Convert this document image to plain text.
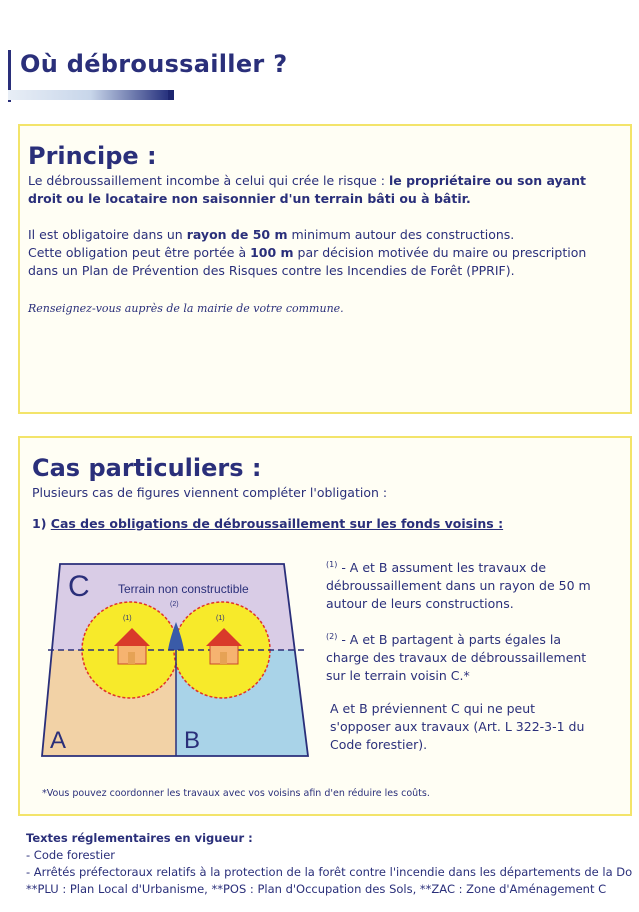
Où débroussailler ?
Principe :
Le débroussaillement incombe à celui qui crée le risque : le propriétaire ou son ayant droit ou le locataire non saisonnier d'un terrain bâti ou à bâtir.
Il est obligatoire dans un rayon de 50 m minimum autour des constructions.
Cette obligation peut être portée à 100 m par décision motivée du maire ou prescription dans un Plan de Prévention des Risques contre les Incendies de Forêt (PPRIF).
Renseignez-vous auprès de la mairie de votre commune.
Cas particuliers :
Plusieurs cas de figures viennent compléter l'obligation :
1) Cas des obligations de débroussaillement sur les fonds voisins :
$^{(1)}$ - A et B assument les travaux de débroussaillement dans un rayon de 50 m autour de leurs constructions.
$^{(2)}$ - A et B partagent à parts égales la charge des travaux de débroussaillement sur le terrain voisin C.*
A et B préviennent C qui ne peut s'opposer aux travaux (Art. L 322-3-1 du Code forestier).
*Vous pouvez coordonner les travaux avec vos voisins afin d'en réduire les coûts.
C
A	B
Terrain non constructible
(1)	(1)
(2)
Textes réglementaires en vigueur :
- Code forestier
- Arrêtés préfectoraux relatifs à la protection de la forêt contre l'incendie dans les départements de la Do
**PLU : Plan Local d'Urbanisme, **POS : Plan d'Occupation des Sols, **ZAC : Zone d'Aménagement C
